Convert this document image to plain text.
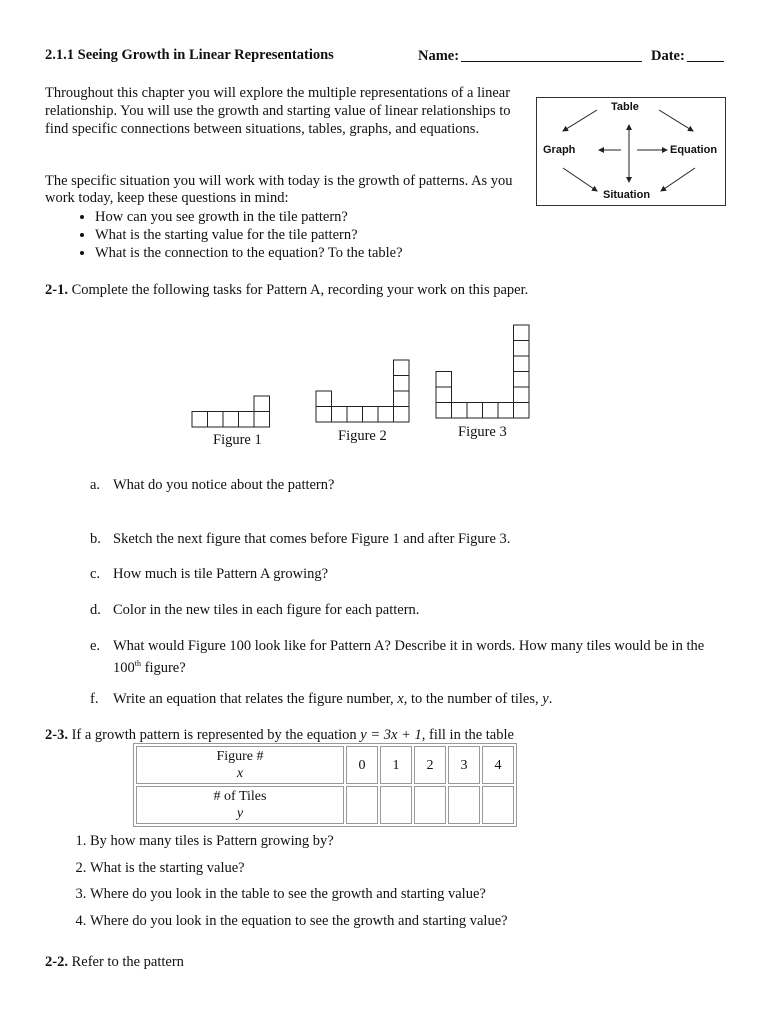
2.1.1 Seeing Growth in Linear Representations	Name:	Date:
Throughout this chapter you will explore the multiple representations of a linear relationship. You will use the growth and starting value of linear relationships to find specific connections between situations, tables, graphs, and equations.
The specific situation you will work with today is the growth of patterns. As you work today, keep these questions in mind:
• How can you see growth in the tile pattern?
• What is the starting value for the tile pattern?
• What is the connection to the equation? To the table?
Table
Graph	Equation
Situation
2-1. Complete the following tasks for Pattern A, recording your work on this paper.
Figure 1	Figure 2	Figure 3
a. What do you notice about the pattern?
b. Sketch the next figure that comes before Figure 1 and after Figure 3.
c. How much is tile Pattern A growing?
d. Color in the new tiles in each figure for each pattern.
e. What would Figure 100 look like for Pattern A? Describe it in words. How many tiles would be in the 100th figure?
f.Write an equation that relates the figure number, x, to the number of tiles, y.
2-3. If a growth pattern is represented by the equation y = 3x + 1, fill in the table
Figure #
x	0	1	2	3	4
# of Tiles
y					
1. By how many tiles is Pattern growing by?
2. What is the starting value?
3. Where do you look in the table to see the growth and starting value?
4. Where do you look in the equation to see the growth and starting value?
2-2. Refer to the pattern
